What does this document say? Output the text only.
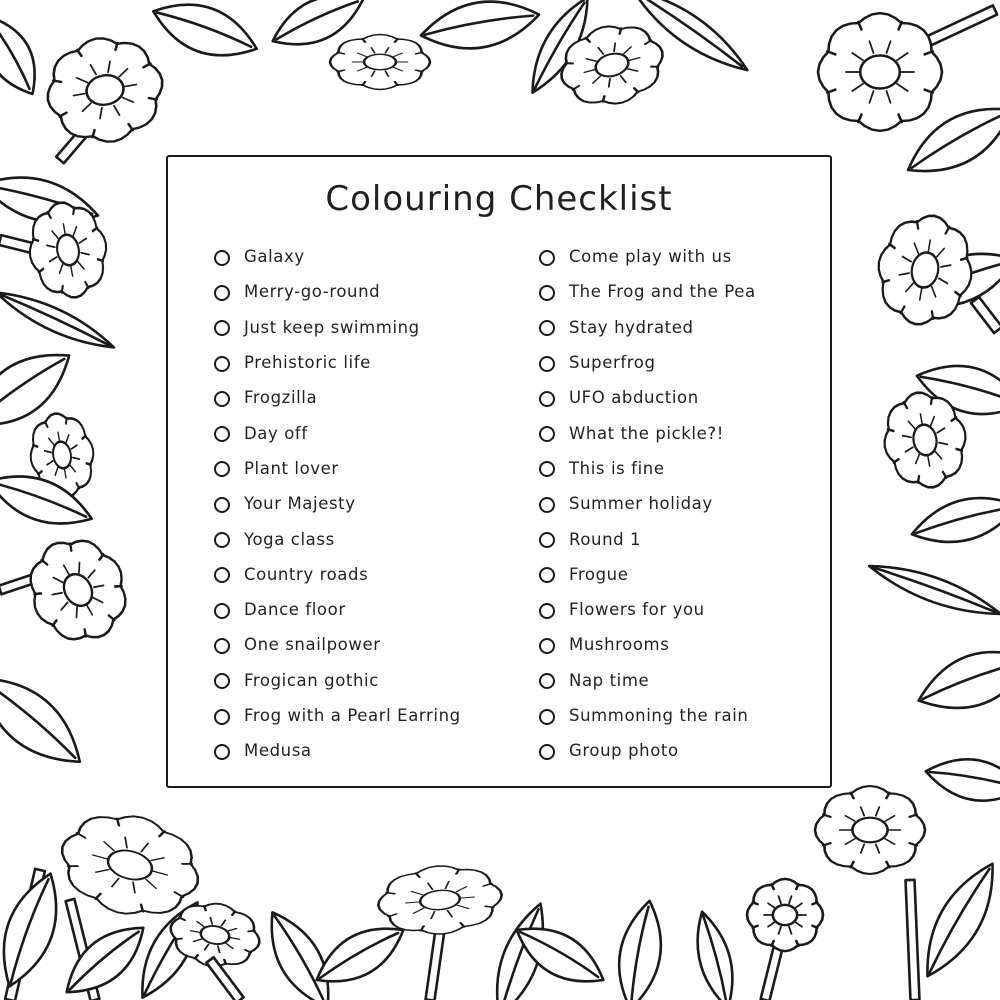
Colouring Checklist
Galaxy
Merry-go-round
Just keep swimming
Prehistoric life
Frogzilla
Day off
Plant lover
Your Majesty
Yoga class
Country roads
Dance floor
One snailpower
Frogican gothic
Frog with a Pearl Earring
Medusa
Come play with us
The Frog and the Pea
Stay hydrated
Superfrog
UFO abduction
What the pickle?!
This is fine
Summer holiday
Round 1
Frogue
Flowers for you
Mushrooms
Nap time
Summoning the rain
Group photo
